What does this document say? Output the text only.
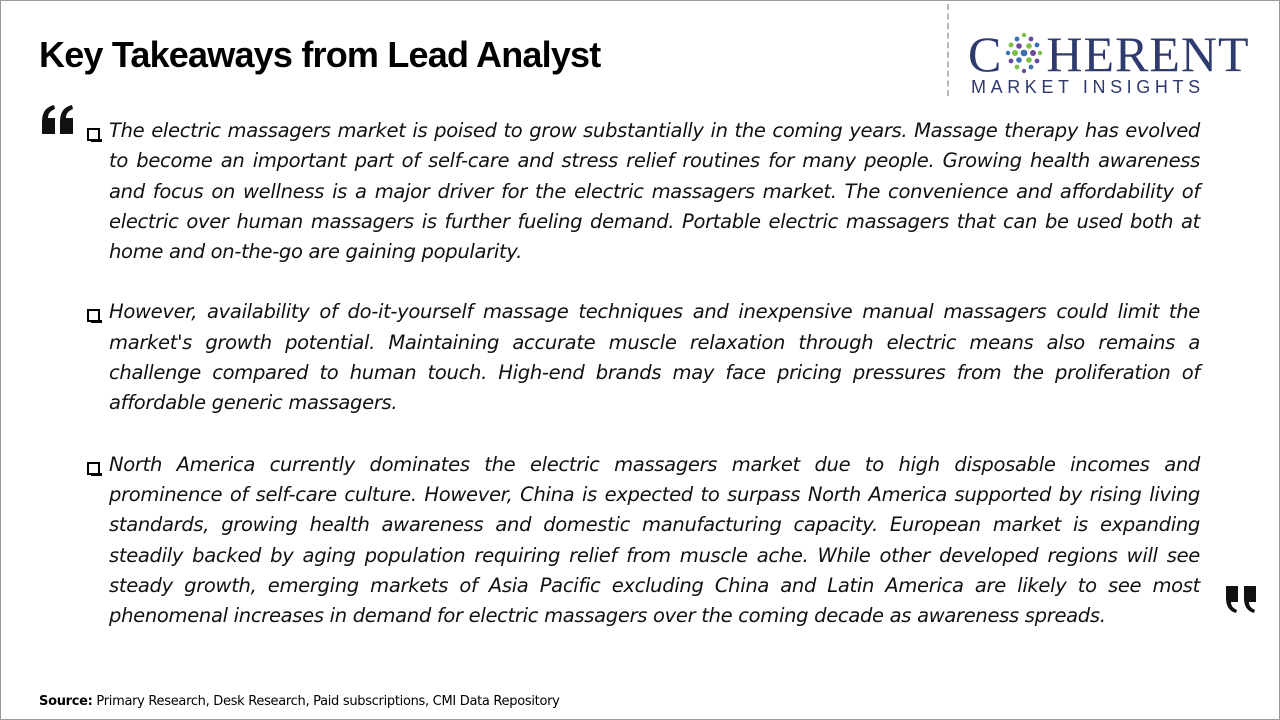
Key Takeaways from Lead Analyst	C HERENT
MARKET INSIGHTS
The electric massagers market is poised to grow substantially in the coming years. Massage therapy has evolved to become an important part of self-care and stress relief routines for many people. Growing health awareness and focus on wellness is a major driver for the electric massagers market. The convenience and affordability of electric over human massagers is further fueling demand. Portable electric massagers that can be used both at home and on-the-go are gaining popularity.
However, availability of do-it-yourself massage techniques and inexpensive manual massagers could limit the market's growth potential. Maintaining accurate muscle relaxation through electric means also remains a challenge compared to human touch. High-end brands may face pricing pressures from the proliferation of affordable generic massagers.
North America currently dominates the electric massagers market due to high disposable incomes and prominence of self-care culture. However, China is expected to surpass North America supported by rising living standards, growing health awareness and domestic manufacturing capacity. European market is expanding steadily backed by aging population requiring relief from muscle ache. While other developed regions will see steady growth, emerging markets of Asia Pacific excluding China and Latin America are likely to see most phenomenal increases in demand for electric massagers over the coming decade as awareness spreads.
Source: Primary Research, Desk Research, Paid subscriptions, CMI Data Repository
